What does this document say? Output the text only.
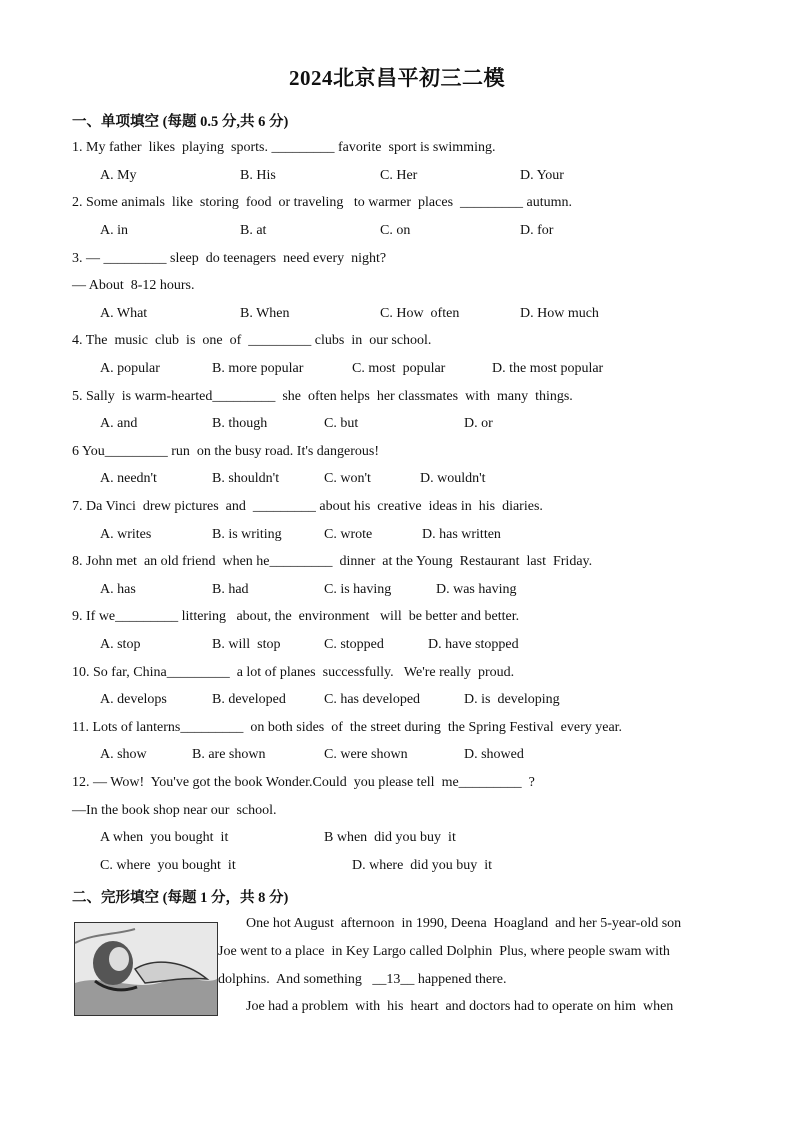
2024北京昌平初三二模
一、单项填空 (每题 0.5 分,共 6 分)
1. My father  likes  playing  sports. _________ favorite  sport is swimming.
A. My	B. His	C. Her	D. Your
2. Some animals  like  storing  food  or traveling   to warmer  places  _________ autumn.
A. in	B. at	C. on	D. for
3. — _________ sleep  do teenagers  need every  night?
— About  8-12 hours.
A. What	B. When	C. How  often	D. How much
4. The  music  club  is  one  of  _________ clubs  in  our school.
A. popular	B. more popular	C. most  popular	D. the most popular
5. Sally  is warm-hearted_________  she  often helps  her classmates  with  many  things.
A. and	B. though	C. but	D. or
6 You_________ run  on the busy road. It's dangerous!
A. needn't	B. shouldn't	C. won't	D. wouldn't
7. Da Vinci  drew pictures  and  _________ about his  creative  ideas in  his  diaries.
A. writes	B. is writing	C. wrote	D. has written
8. John met  an old friend  when he_________  dinner  at the Young  Restaurant  last  Friday.
A. has	B. had	C. is having	D. was having
9. If we_________ littering   about, the  environment   will  be better and better.
A. stop	B. will  stop	C. stopped	D. have stopped
10. So far, China_________  a lot of planes  successfully.   We're really  proud.
A. develops	B. developed	C. has developed	D. is  developing
11. Lots of lanterns_________  on both sides  of  the street during  the Spring Festival  every year.
A. show	B. are shown	C. were shown	D. showed
12. — Wow!  You've got the book Wonder.Could  you please tell  me_________  ?
—In the book shop near our  school.
A when  you bought  it	B when  did you buy  it
C. where  you bought  it	D. where  did you buy  it
二、完形填空 (每题 1 分，共 8 分)
One hot August  afternoon  in 1990, Deena  Hoagland  and her 5-year-old son
Joe went to a place  in Key Largo called Dolphin  Plus, where people swam with
dolphins.  And something   __13__ happened there.
Joe had a problem  with  his  heart  and doctors had to operate on him  when
